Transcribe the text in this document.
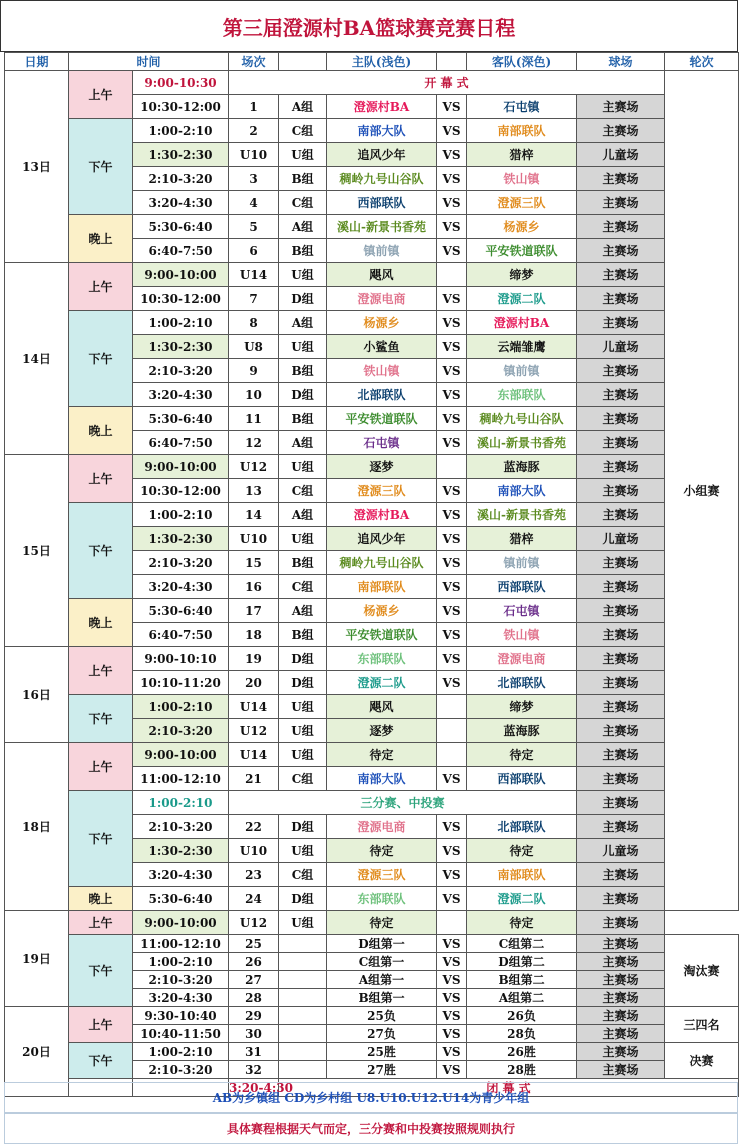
第三届澄源村BA篮球赛竞赛日程
日期	时间		场次		主队(浅色)		客队(深色)	球场	轮次
13日	上午	9:00-10:30	开 幕 式						小组赛
		10:30-12:00	1	A组	澄源村BA	VS	石屯镇	主赛场	
	下午	1:00-2:10	2	C组	南部大队	VS	南部联队	主赛场	
		1:30-2:30	U10	U组	追风少年	VS	猎梓	儿童场	
		2:10-3:20	3	B组	稠岭九号山谷队	VS	铁山镇	主赛场	
		3:20-4:30	4	C组	西部联队	VS	澄源三队	主赛场	
	晚上	5:30-6:40	5	A组	溪山-新景书香苑	VS	杨源乡	主赛场	
		6:40-7:50	6	B组	镇前镇	VS	平安铁道联队	主赛场	
14日	上午	9:00-10:00	U14	U组	飓风		缔梦	主赛场	
		10:30-12:00	7	D组	澄源电商	VS	澄源二队	主赛场	
	下午	1:00-2:10	8	A组	杨源乡	VS	澄源村BA	主赛场	
		1:30-2:30	U8	U组	小鲨鱼	VS	云端雏鹰	儿童场	
		2:10-3:20	9	B组	铁山镇	VS	镇前镇	主赛场	
		3:20-4:30	10	D组	北部联队	VS	东部联队	主赛场	
	晚上	5:30-6:40	11	B组	平安铁道联队	VS	稠岭九号山谷队	主赛场	
		6:40-7:50	12	A组	石屯镇	VS	溪山-新景书香苑	主赛场	
15日	上午	9:00-10:00	U12	U组	逐梦		蓝海豚	主赛场	
		10:30-12:00	13	C组	澄源三队	VS	南部大队	主赛场	
	下午	1:00-2:10	14	A组	澄源村BA	VS	溪山-新景书香苑	主赛场	
		1:30-2:30	U10	U组	追风少年	VS	猎梓	儿童场	
		2:10-3:20	15	B组	稠岭九号山谷队	VS	镇前镇	主赛场	
		3:20-4:30	16	C组	南部联队	VS	西部联队	主赛场	
	晚上	5:30-6:40	17	A组	杨源乡	VS	石屯镇	主赛场	
		6:40-7:50	18	B组	平安铁道联队	VS	铁山镇	主赛场	
16日	上午	9:00-10:10	19	D组	东部联队	VS	澄源电商	主赛场	
		10:10-11:20	20	D组	澄源二队	VS	北部联队	主赛场	
	下午	1:00-2:10	U14	U组	飓风		缔梦	主赛场	
		2:10-3:20	U12	U组	逐梦		蓝海豚	主赛场	
18日	上午	9:00-10:00	U14	U组	待定		待定	主赛场	
		11:00-12:10	21	C组	南部大队	VS	西部联队	主赛场	
	下午	1:00-2:10	三分赛、中投赛					主赛场	
		2:10-3:20	22	D组	澄源电商	VS	北部联队	主赛场	
		1:30-2:30	U10	U组	待定	VS	待定	儿童场	
		3:20-4:30	23	C组	澄源三队	VS	南部联队	主赛场	
	晚上	5:30-6:40	24	D组	东部联队	VS	澄源二队	主赛场	
19日	上午	9:00-10:00	U12	U组	待定		待定	主赛场	
	下午	11:00-12:10	25		D组第一	VS	C组第二	主赛场	淘汰赛
		1:00-2:10	26		C组第一	VS	D组第二	主赛场	
		2:10-3:20	27		A组第一	VS	B组第二	主赛场	
		3:20-4:30	28		B组第一	VS	A组第二	主赛场	
20日	上午	9:30-10:40	29		25负	VS	26负	主赛场	三四名
		10:40-11:50	30		27负	VS	28负	主赛场	
	下午	1:00-2:10	31		25胜	VS	26胜	主赛场	决赛
		2:10-3:20	32		27胜	VS	28胜	主赛场	
			3:20-4:30	闭 幕 式					
AB为乡镇组 CD为乡村组 U8.U10.U12.U14为青少年组
具体赛程根据天气而定，三分赛和中投赛按照规则执行
